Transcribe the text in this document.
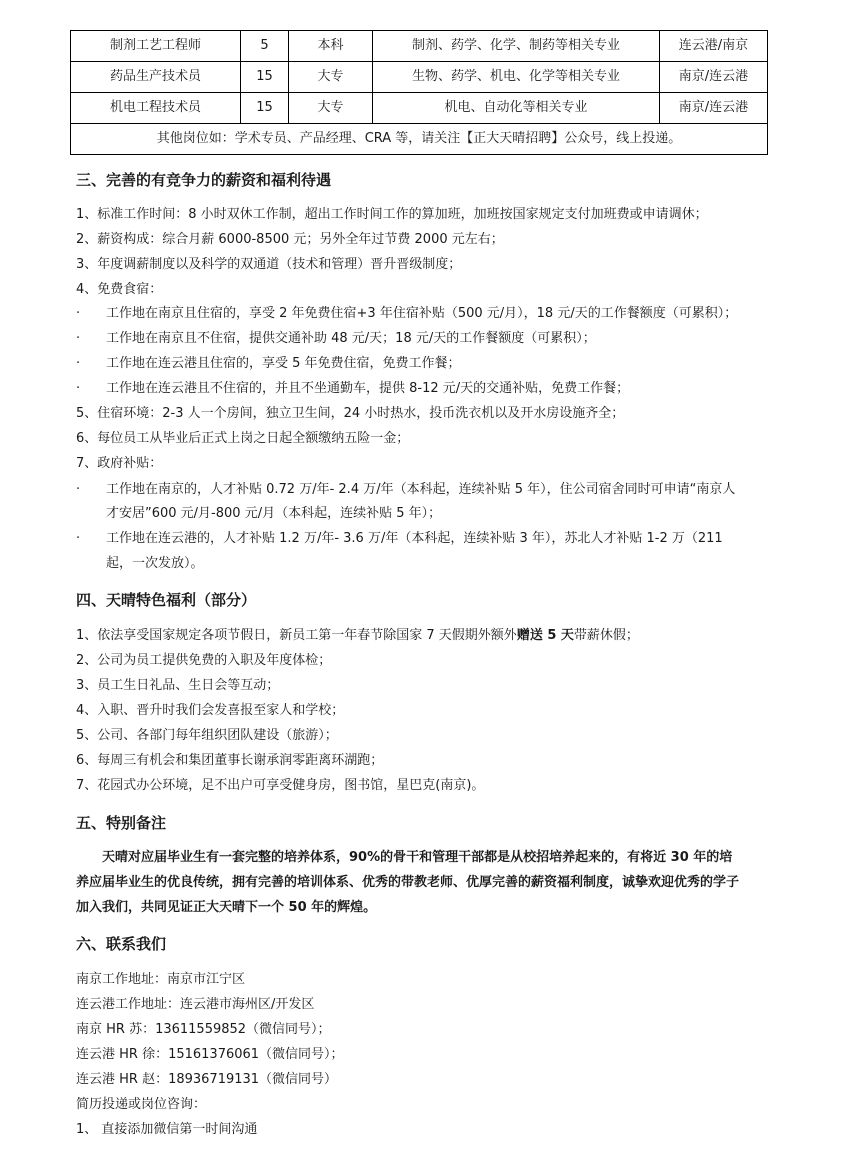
制剂工艺工程师	5	本科	制剂、药学、化学、制药等相关专业	连云港/南京
药品生产技术员	15	大专	生物、药学、机电、化学等相关专业	南京/连云港
机电工程技术员	15	大专	机电、自动化等相关专业	南京/连云港
其他岗位如：学术专员、产品经理、CRA 等，请关注【正大天晴招聘】公众号，线上投递。				
三、完善的有竞争力的薪资和福利待遇
1、标准工作时间：8 小时双休工作制，超出工作时间工作的算加班，加班按国家规定支付加班费或申请调休；
2、薪资构成：综合月薪 6000-8500 元；另外全年过节费 2000 元左右；
3、年度调薪制度以及科学的双通道（技术和管理）晋升晋级制度；
4、免费食宿：
·	工作地在南京且住宿的，享受 2 年免费住宿+3 年住宿补贴（500 元/月），18 元/天的工作餐额度（可累积）；
·	工作地在南京且不住宿，提供交通补助 48 元/天；18 元/天的工作餐额度（可累积）；
·	工作地在连云港且住宿的，享受 5 年免费住宿，免费工作餐；
·	工作地在连云港且不住宿的，并且不坐通勤车，提供 8-12 元/天的交通补贴，免费工作餐；
5、住宿环境：2-3 人一个房间，独立卫生间，24 小时热水，投币洗衣机以及开水房设施齐全；
6、每位员工从毕业后正式上岗之日起全额缴纳五险一金；
7、政府补贴：
·	工作地在南京的，人才补贴 0.72 万/年- 2.4 万/年（本科起，连续补贴 5 年），住公司宿舍同时可申请“南京人
才安居”600 元/月-800 元/月（本科起，连续补贴 5 年）；
·	工作地在连云港的，人才补贴 1.2 万/年- 3.6 万/年（本科起，连续补贴 3 年），苏北人才补贴 1-2 万（211
起，一次发放）。
四、天晴特色福利（部分）
1、依法享受国家规定各项节假日，新员工第一年春节除国家 7 天假期外额外赠送 5 天带薪休假；
2、公司为员工提供免费的入职及年度体检；
3、员工生日礼品、生日会等互动；
4、入职、晋升时我们会发喜报至家人和学校；
5、公司、各部门每年组织团队建设（旅游）；
6、每周三有机会和集团董事长谢承润零距离环湖跑；
7、花园式办公环境，足不出户可享受健身房，图书馆，星巴克(南京)。
五、特别备注
天晴对应届毕业生有一套完整的培养体系，90%的骨干和管理干部都是从校招培养起来的，有将近 30 年的培
养应届毕业生的优良传统，拥有完善的培训体系、优秀的带教老师、优厚完善的薪资福利制度，诚挚欢迎优秀的学子
加入我们，共同见证正大天晴下一个 50 年的辉煌。
六、联系我们
南京工作地址：南京市江宁区
连云港工作地址：连云港市海州区/开发区
南京 HR 苏：13611559852（微信同号）；
连云港 HR 徐：15161376061（微信同号）；
连云港 HR 赵：18936719131（微信同号）
简历投递或岗位咨询：
1、 直接添加微信第一时间沟通
